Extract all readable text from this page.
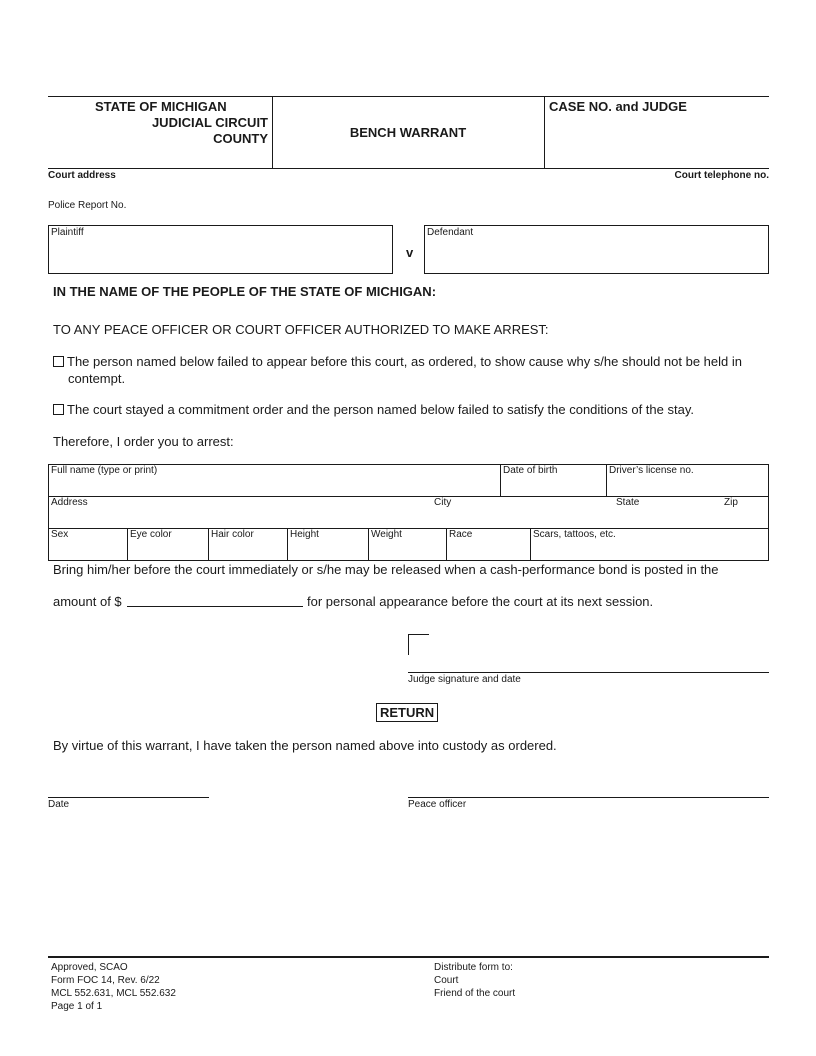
STATE OF MICHIGAN
JUDICIAL CIRCUIT
COUNTY	BENCH WARRANT
CASE NO. and JUDGE
Court address	Court telephone no.
Police Report No.
Plaintiff
v
Defendant
IN THE NAME OF THE PEOPLE OF THE STATE OF MICHIGAN:
TO ANY PEACE OFFICER OR COURT OFFICER AUTHORIZED TO MAKE ARREST:
The person named below failed to appear before this court, as ordered, to show cause why s/he should not be held in
contempt.
The court stayed a commitment order and the person named below failed to satisfy the conditions of the stay.
Therefore, I order you to arrest:
Full name (type or print)	Date of birth	Driver’s license no.
Address	City	State	Zip
Sex	Eye color	Hair color	Height	Weight	Race	Scars, tattoos, etc.
Bring him/her before the court immediately or s/he may be released when a cash-performance bond is posted in the
amount of $	for personal appearance before the court at its next session.
Judge signature and date
RETURN
By virtue of this warrant, I have taken the person named above into custody as ordered.
Date	Peace officer
Approved, SCAO
Form FOC 14, Rev. 6/22
MCL 552.631, MCL 552.632
Page 1 of 1
Distribute form to:
Court
Friend of the court
